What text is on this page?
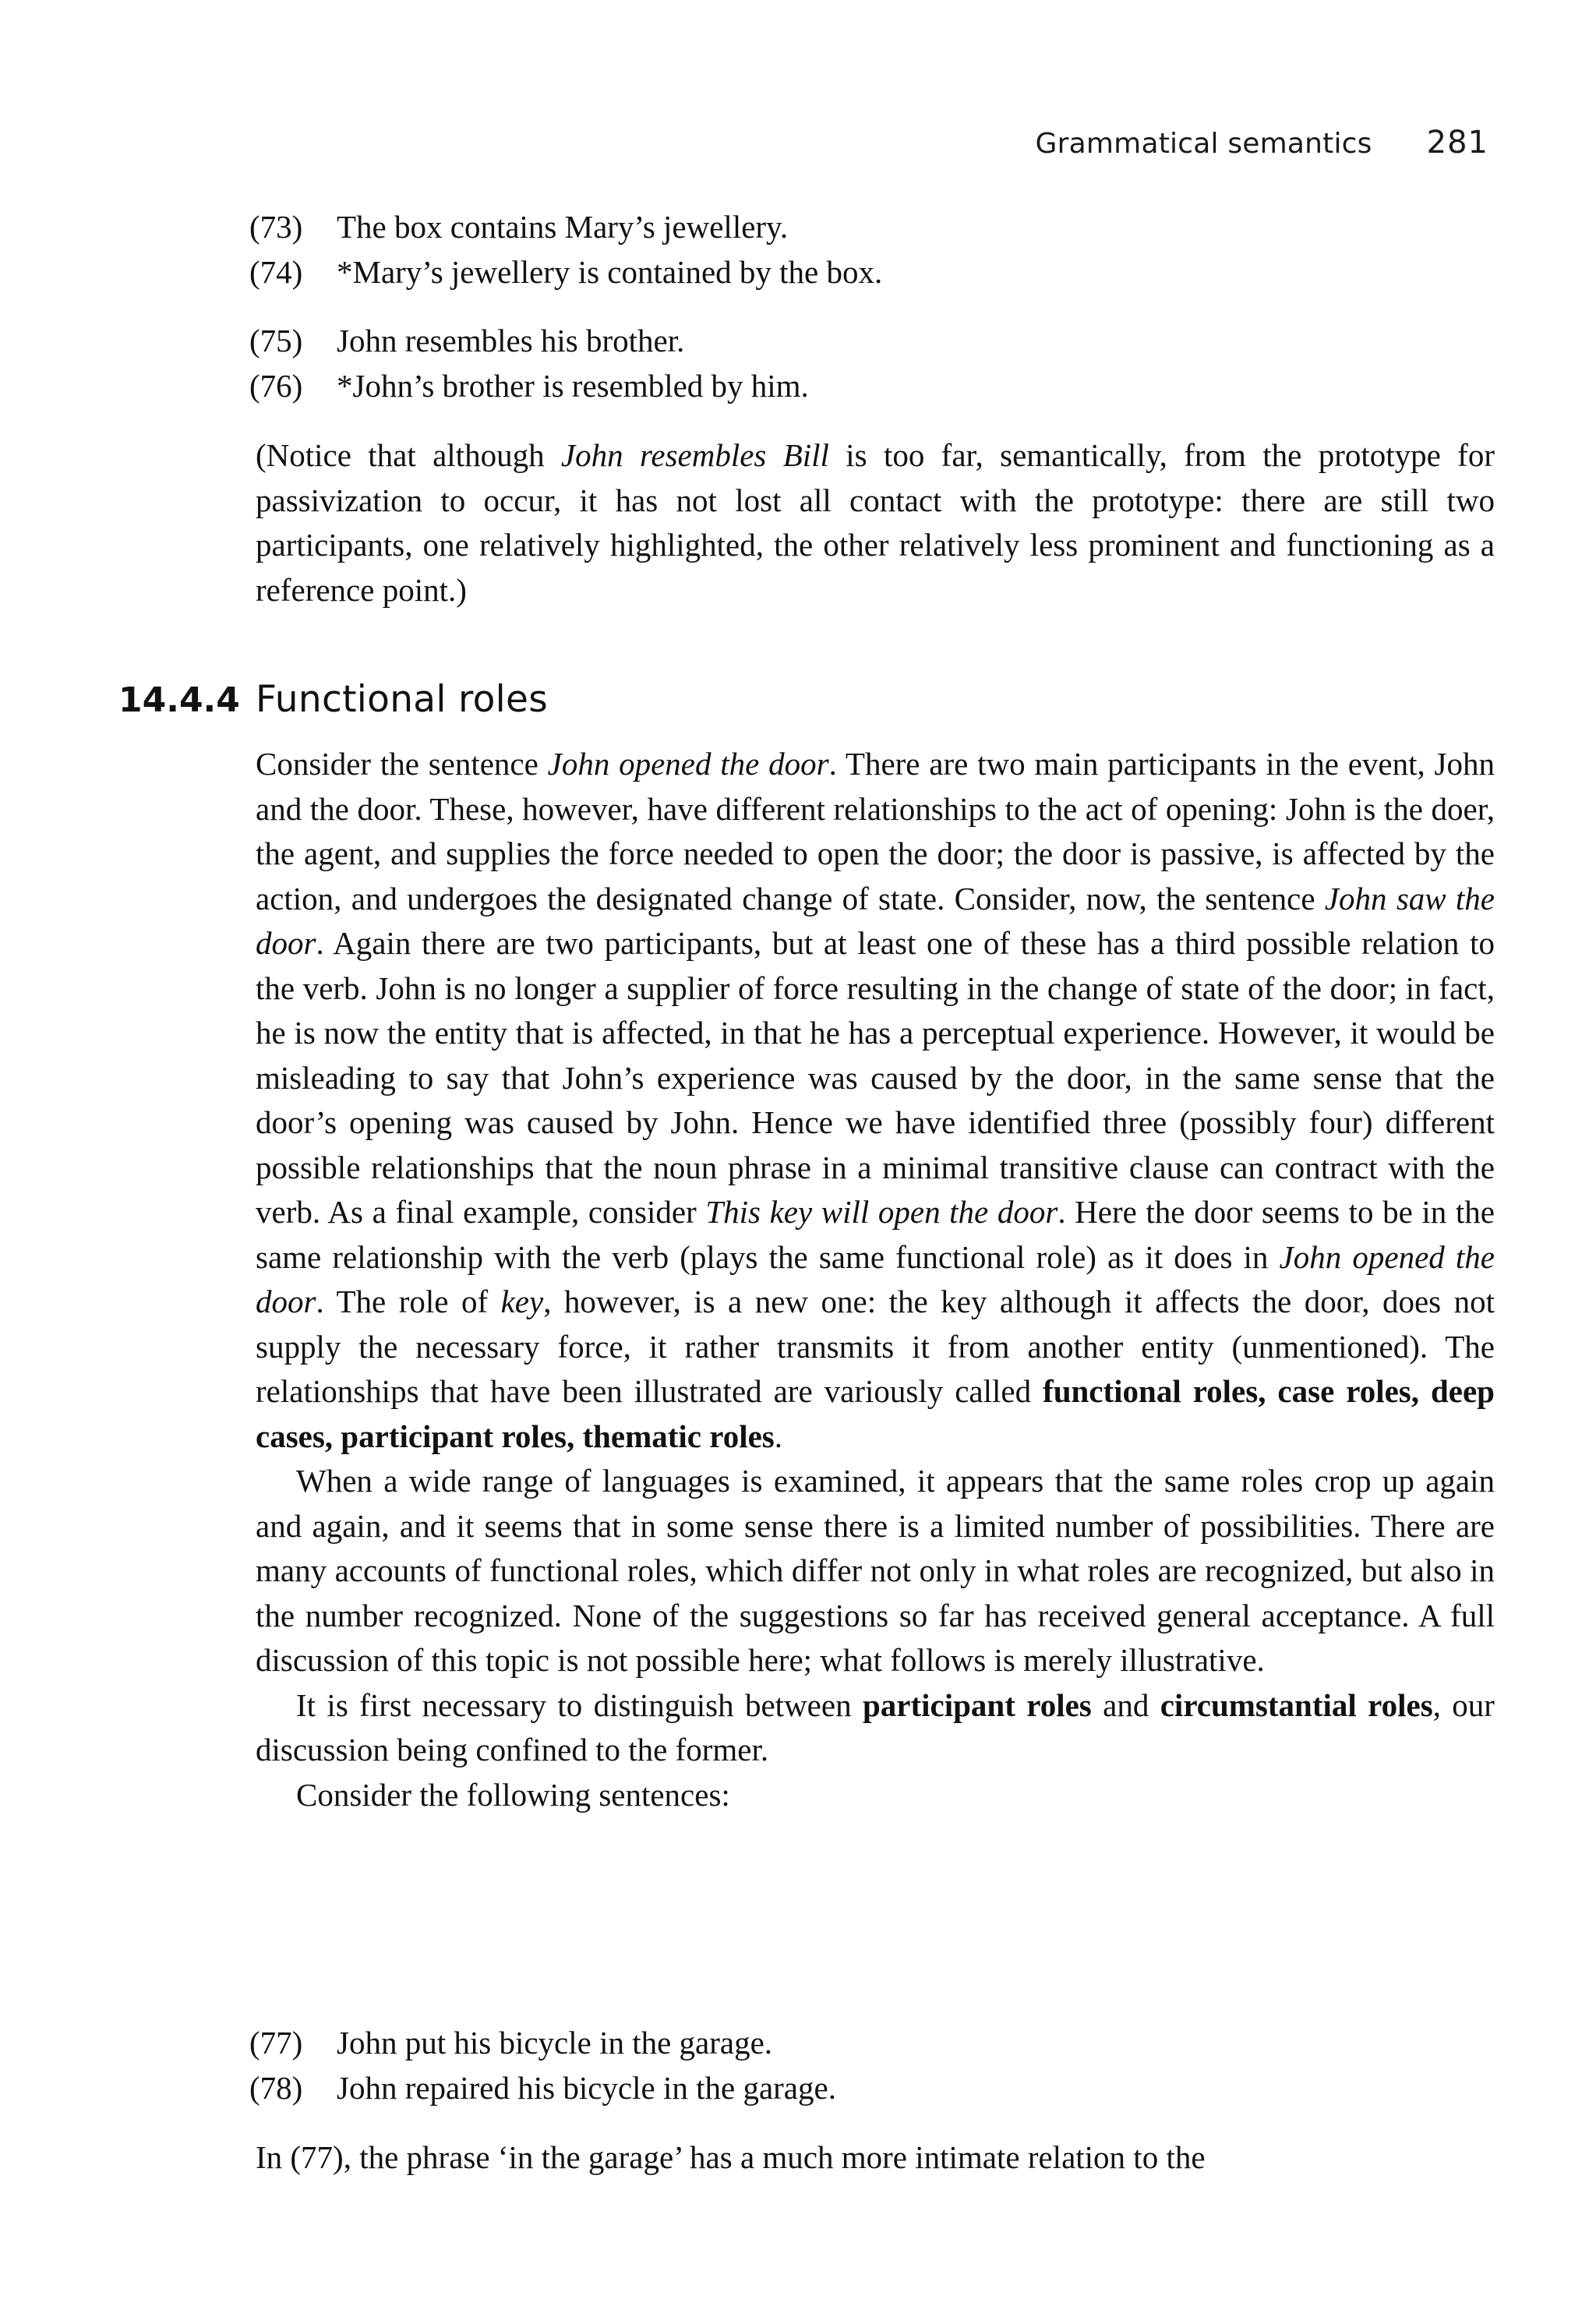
Grammatical semantics 281
(73)	The box contains Mary’s jewellery.
(74)	*Mary’s jewellery is contained by the box.
(75)	John resembles his brother.
(76)	*John’s brother is resembled by him.

(Notice that although John resembles Bill is too far, semantically, from the prototype for passivization to occur, it has not lost all contact with the prototype: there are still two participants, one relatively highlighted, the other relatively less prominent and functioning as a reference point.)

14.4.4 Functional roles

Consider the sentence John opened the door. There are two main participants in the event, John and the door. These, however, have different relationships to the act of opening: John is the doer, the agent, and supplies the force needed to open the door; the door is passive, is affected by the action, and undergoes the designated change of state. Consider, now, the sentence John saw the door. Again there are two participants, but at least one of these has a third possible relation to the verb. John is no longer a supplier of force resulting in the change of state of the door; in fact, he is now the entity that is affected, in that he has a perceptual experience. However, it would be misleading to say that John’s experience was caused by the door, in the same sense that the door’s opening was caused by John. Hence we have identified three (possibly four) different possible relationships that the noun phrase in a minimal transitive clause can contract with the verb. As a final example, consider This key will open the door. Here the door seems to be in the same relationship with the verb (plays the same functional role) as it does in John opened the door. The role of key, however, is a new one: the key although it affects the door, does not supply the necessary force, it rather transmits it from another entity (unmentioned). The relationships that have been illustrated are variously called functional roles, case roles, deep cases, participant roles, thematic roles.

When a wide range of languages is examined, it appears that the same roles crop up again and again, and it seems that in some sense there is a limited number of possibilities. There are many accounts of functional roles, which differ not only in what roles are recognized, but also in the number recognized. None of the suggestions so far has received general acceptance. A full discussion of this topic is not possible here; what follows is merely illustrative.

It is first necessary to distinguish between participant roles and circumstantial roles, our discussion being confined to the former.

Consider the following sentences:

(77)	John put his bicycle in the garage.
(78)	John repaired his bicycle in the garage.

In (77), the phrase ‘in the garage’ has a much more intimate relation to the
